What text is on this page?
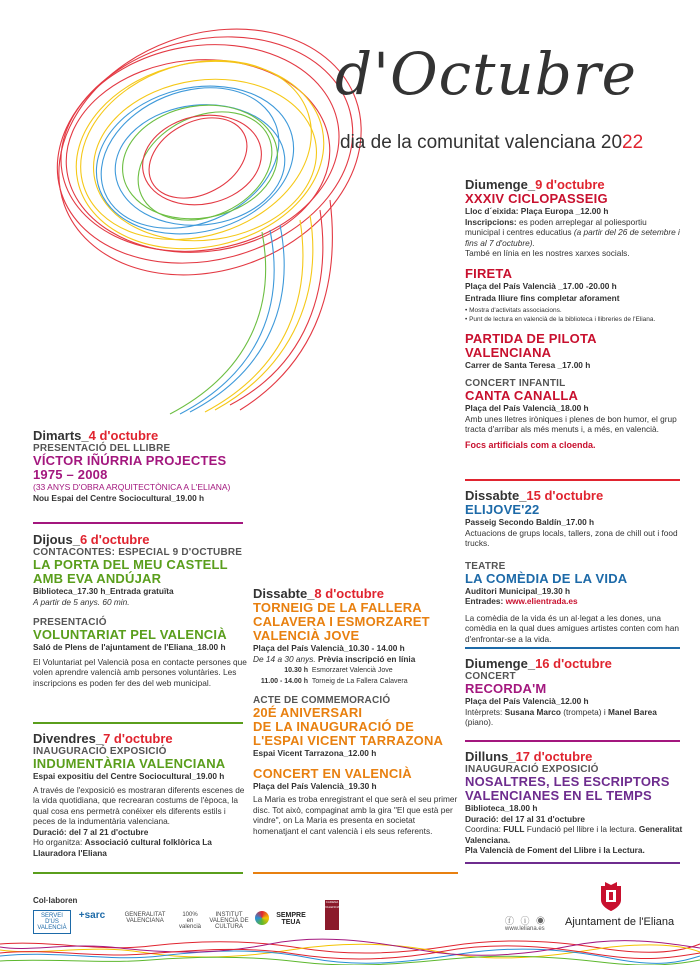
d'Octubre
dia de la comunitat valenciana 2022
Diumenge_9 d'octubre
XXXIV CICLOPASSEIG
Lloc d´eixida: Plaça Europa _12.00 h
Inscripcions: es poden arreplegar al poliesportiu municipal i centres educatius (a partir del 26 de setembre i fins al 7 d'octubre).
També en línia en les nostres xarxes socials.
FIRETA
Plaça del País Valencià _17.00 -20.00 h
Entrada lliure fins completar aforament
• Mostra d'activitats associacions.
• Punt de lectura en valencià de la biblioteca i llibreries de l'Eliana.
PARTIDA DE PILOTA VALENCIANA
Carrer de Santa Teresa _17.00 h
CONCERT INFANTIL
CANTA CANALLA
Plaça del País Valencià_18.00 h
Amb unes lletres iròniques i plenes de bon humor, el grup tracta d'arribar als més menuts i, a més, en valencià.
Focs artificials com a cloenda.
Dissabte_15 d'octubre
ELIJOVE'22
Passeig Secondo Baldín_17.00 h
Actuacions de grups locals, tallers, zona de chill out i food trucks.
TEATRE
LA COMÈDIA DE LA VIDA
Auditori Municipal_19.30 h
Entrades: www.elientrada.es
La comèdia de la vida és un al·legat a les dones, una comèdia en la qual dues amigues artistes conten com han d'enfrontar-se a la vida.
Diumenge_16 d'octubre
CONCERT
RECORDA'M
Plaça del País Valencià_12.00 h
Intèrprets: Susana Marco (trompeta) i Manel Barea (piano).
Dilluns_17 d'octubre
INAUGURACIÓ EXPOSICIÓ
NOSALTRES, LES ESCRIPTORS
VALENCIANES EN EL TEMPS
Biblioteca_18.00 h
Duració: del 17 al 31 d'octubre
Coordina: FULL Fundació pel llibre i la lectura. Generalitat Valenciana.
Pla Valencià de Foment del Llibre i la Lectura.
Dimarts_4 d'octubre
PRESENTACIÓ DEL LLIBRE
VÍCTOR IÑÚRRIA PROJECTES
1975 – 2008
(33 ANYS D'OBRA ARQUITECTÒNICA A L'ELIANA)
Nou Espai del Centre Sociocultural_19.00 h
Dijous_6 d'octubre
CONTACONTES: ESPECIAL 9 D'OCTUBRE
LA PORTA DEL MEU CASTELL
AMB EVA ANDÚJAR
Biblioteca_17.30 h_Entrada gratuïta
A partir de 5 anys. 60 min.
PRESENTACIÓ
VOLUNTARIAT PEL VALENCIÀ
Saló de Plens de l'ajuntament de l'Eliana_18.00 h
El Voluntariat pel Valencià posa en contacte persones que volen aprendre valencià amb persones voluntàries. Les inscripcions es poden fer des del web municipal.
Divendres_7 d'octubre
INAUGURACIÓ EXPOSICIÓ
INDUMENTÀRIA VALENCIANA
Espai expositiu del Centre Sociocultural_19.00 h
A través de l'exposició es mostraran diferents escenes de la vida quotidiana, que recrearan costums de l'època, la qual cosa ens permetrà conéixer els diferents estils i peces de la indumentària valenciana.
Duració: del 7 al 21 d'octubre
Ho organitza: Associació cultural folklòrica La Llauradora l'Eliana
Dissabte_8 d'octubre
TORNEIG DE LA FALLERA
CALAVERA I ESMORZARET
VALENCIÀ JOVE
Plaça del País Valencià_10.30 - 14.00 h
De 14 a 30 anys. Prèvia inscripció en línia
10.30 h Esmorzaret Valencià Jove
11.00 - 14.00 h Torneig de La Fallera Calavera
ACTE DE COMMEMORACIÓ
20É ANIVERSARI
DE LA INAUGURACIÓ DE
L'ESPAI VICENT TARRAZONA
Espai Vicent Tarrazona_12.00 h
CONCERT EN VALENCIÀ
Plaça del País Valencià_19.30 h
La Maria es troba enregistrant el que serà el seu primer disc. Tot això, compaginat amb la gira "El que està per vindre", on La Maria es presenta en societat homenatjant el cant valencià i els seus referents.
Col·laboren
SERVEI D'ÚS VALENCIÀ
+sarc	GENERALITAT VALENCIANA
100% en valencià
INSTITUT VALENCIÀ DE CULTURA
SEMPRE TEUA
CADENA VALENCIANA
ⓕ ⓘ ◉
www.leliana.es
Ajuntament de l'Eliana
